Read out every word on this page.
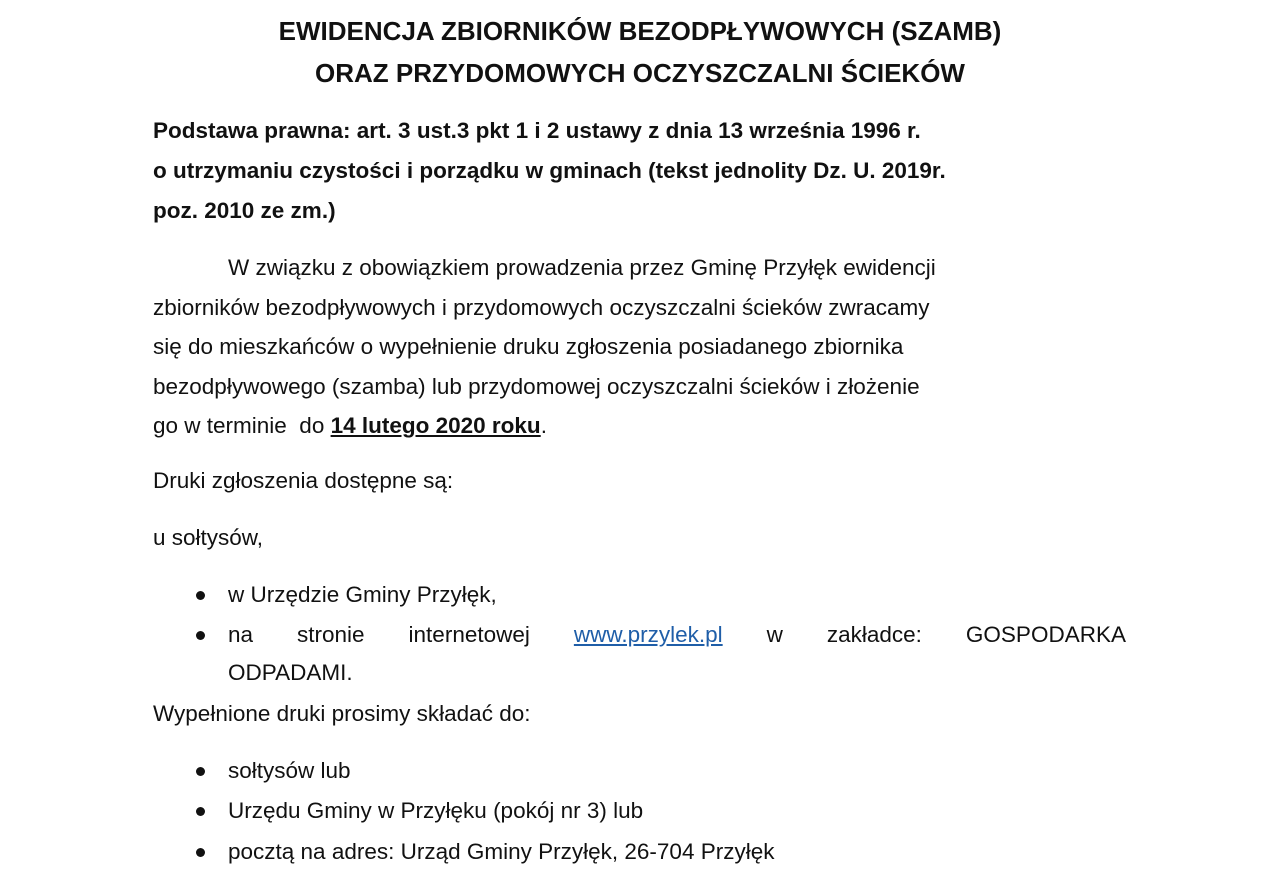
EWIDENCJA ZBIORNIKÓW BEZODPŁYWOWYCH (SZAMB)
ORAZ PRZYDOMOWYCH OCZYSZCZALNI ŚCIEKÓW
Podstawa prawna: art. 3 ust.3 pkt 1 i 2 ustawy z dnia 13 września 1996 r.
o utrzymaniu czystości i porządku w gminach (tekst jednolity Dz. U. 2019r.
poz. 2010 ze zm.)
W związku z obowiązkiem prowadzenia przez Gminę Przyłęk ewidencji
zbiorników bezodpływowych i przydomowych oczyszczalni ścieków zwracamy
się do mieszkańców o wypełnienie druku zgłoszenia posiadanego zbiornika
bezodpływowego (szamba) lub przydomowej oczyszczalni ścieków i złożenie
go w terminie  do 14 lutego 2020 roku.
Druki zgłoszenia dostępne są:
u sołtysów,
w Urzędzie Gminy Przyłęk,
na stronie internetowej www.przylek.pl w zakładce: GOSPODARKA
ODPADAMI.
Wypełnione druki prosimy składać do:
sołtysów lub
Urzędu Gminy w Przyłęku (pokój nr 3) lub
pocztą na adres: Urząd Gminy Przyłęk, 26-704 Przyłęk
